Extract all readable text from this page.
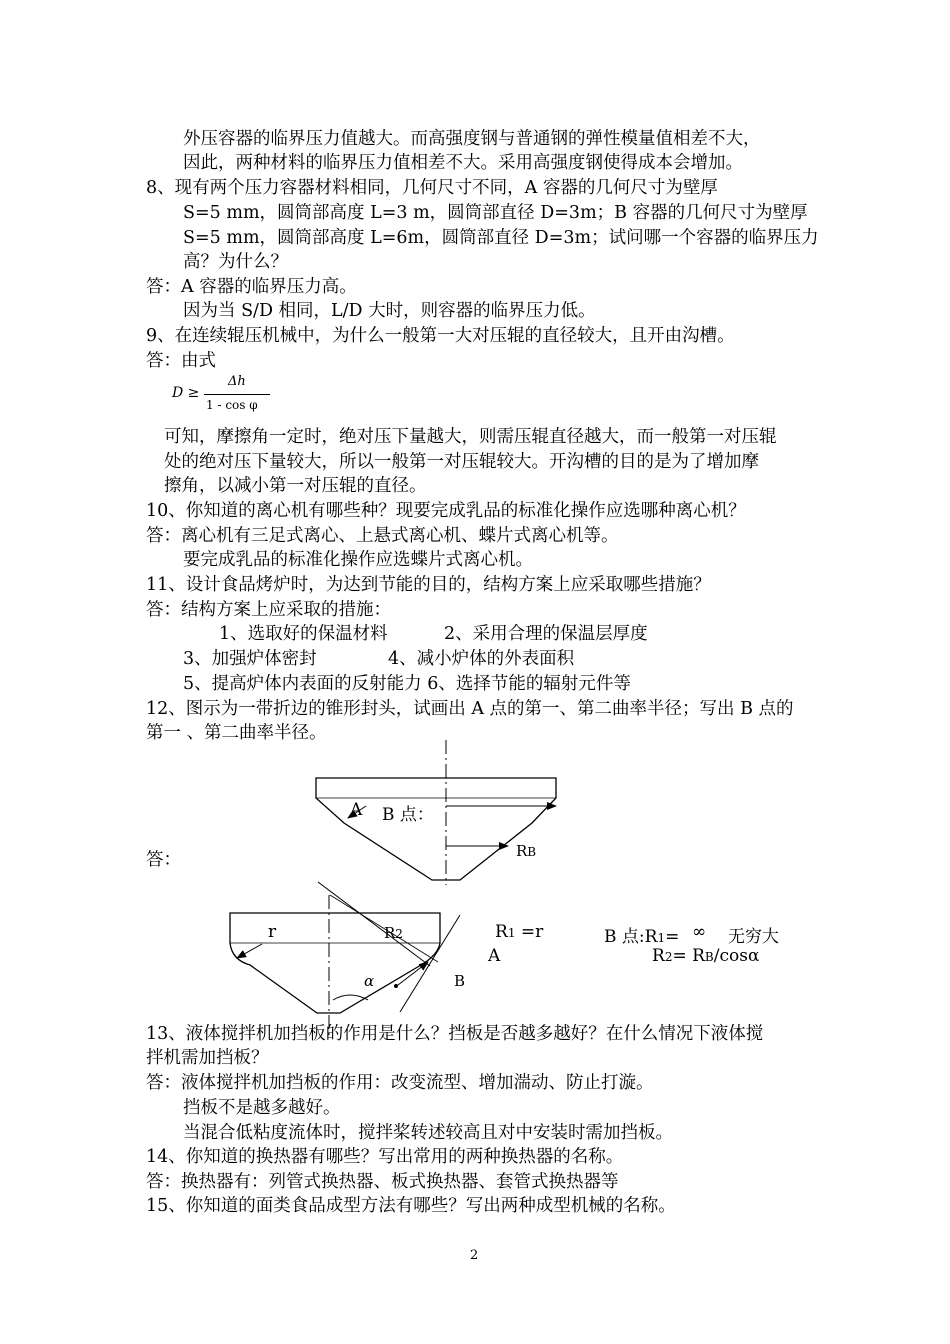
外压容器的临界压力值越大。而高强度钢与普通钢的弹性模量值相差不大，
因此，两种材料的临界压力值相差不大。采用高强度钢使得成本会增加。
8、现有两个压力容器材料相同，几何尺寸不同，A 容器的几何尺寸为壁厚
S=5 mm，圆筒部高度 L=3 m，圆筒部直径 D=3m；B 容器的几何尺寸为壁厚
S=5 mm，圆筒部高度 L=6m，圆筒部直径 D=3m；试问哪一个容器的临界压力
高？为什么？
答：A 容器的临界压力高。
因为当 S/D 相同，L/D 大时，则容器的临界压力低。
9、在连续辊压机械中，为什么一般第一大对压辊的直径较大，且开由沟槽。
答：由式
D ≥
Δh
1 - cos φ
可知，摩擦角一定时，绝对压下量越大，则需压辊直径越大，而一般第一对压辊
处的绝对压下量较大，所以一般第一对压辊较大。开沟槽的目的是为了增加摩
擦角，以减小第一对压辊的直径。
10、你知道的离心机有哪些种？现要完成乳品的标准化操作应选哪种离心机？
答：离心机有三足式离心、上悬式离心机、蝶片式离心机等。
要完成乳品的标准化操作应选蝶片式离心机。
11、设计食品烤炉时，为达到节能的目的，结构方案上应采取哪些措施？
答：结构方案上应采取的措施：
1、选取好的保温材料	2、采用合理的保温层厚度
3、加强炉体密封	4、减小炉体的外表面积
5、提高炉体内表面的反射能力 6、选择节能的辐射元件等
12、图示为一带折边的锥形封头，试画出 A 点的第一、第二曲率半径；写出 B 点的
第一 、第二曲率半径。
答：
A B 点：
RB
r	R2
α	B
R1 =r
A
B 点:R1= ∞ 无穷大
R2= RB/cosα
13、液体搅拌机加挡板的作用是什么？挡板是否越多越好？在什么情况下液体搅
拌机需加挡板？
答：液体搅拌机加挡板的作用：改变流型、增加湍动、防止打漩。
挡板不是越多越好。
当混合低粘度流体时，搅拌桨转述较高且对中安装时需加挡板。
14、你知道的换热器有哪些？写出常用的两种换热器的名称。
答：换热器有：列管式换热器、板式换热器、套管式换热器等
15、你知道的面类食品成型方法有哪些？写出两种成型机械的名称。
2
